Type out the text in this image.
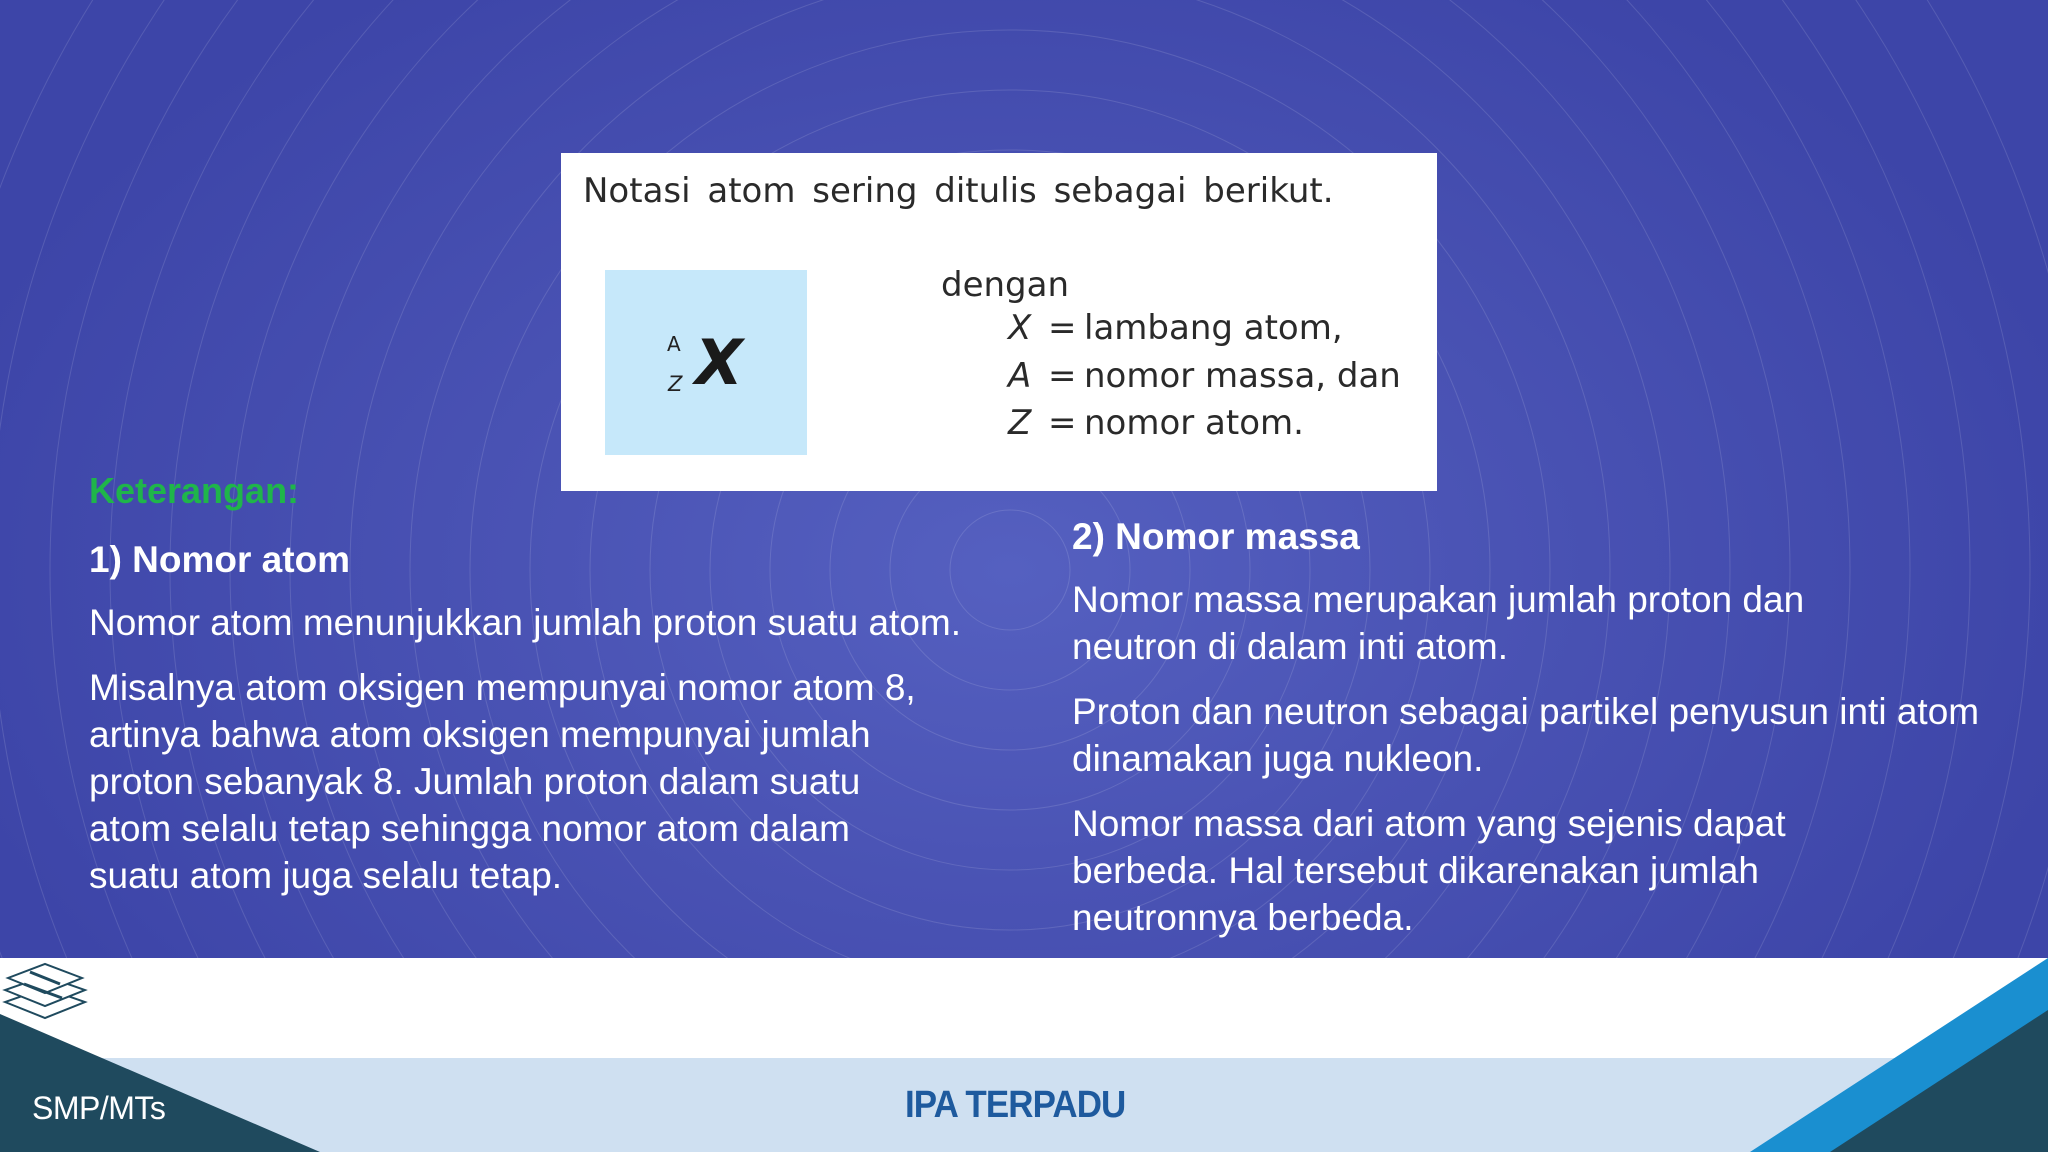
Notasi atom sering ditulis sebagai berikut.
A
Z X
dengan
X = lambang atom,
A = nomor massa, dan
Z = nomor atom.
Keterangan:
1) Nomor atom

Nomor atom menunjukkan jumlah proton suatu atom.

Misalnya atom oksigen mempunyai nomor atom 8, artinya bahwa atom oksigen mempunyai jumlah proton sebanyak 8. Jumlah proton dalam suatu atom selalu tetap sehingga nomor atom dalam suatu atom juga selalu tetap.

2) Nomor massa

Nomor massa merupakan jumlah proton dan neutron di dalam inti atom.

Proton dan neutron sebagai partikel penyusun inti atom dinamakan juga nukleon.

Nomor massa dari atom yang sejenis dapat berbeda. Hal tersebut dikarenakan jumlah neutronnya berbeda.

SMP/MTs	IPA TERPADU
